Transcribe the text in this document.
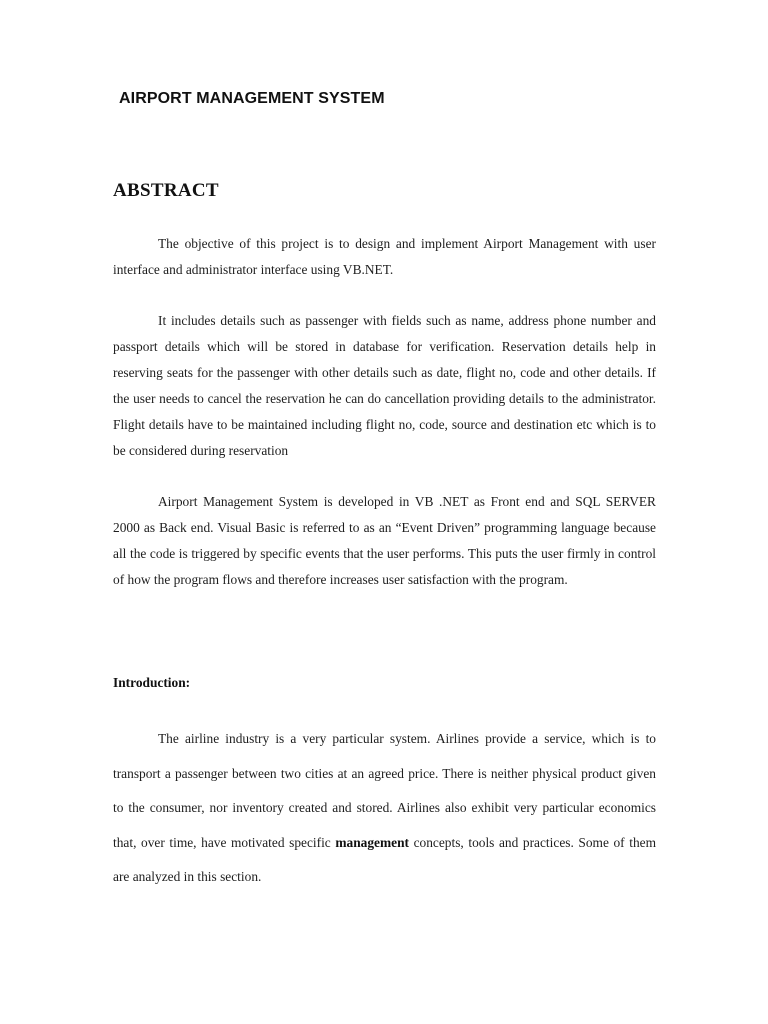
AIRPORT MANAGEMENT SYSTEM
ABSTRACT

The objective of this project is to design and implement Airport Management with user interface and administrator interface using VB.NET.

It includes details such as passenger with fields such as name, address phone number and passport details which will be stored in database for verification. Reservation details help in reserving seats for the passenger with other details such as date, flight no, code and other details. If the user needs to cancel the reservation he can do cancellation providing details to the administrator. Flight details have to be maintained including flight no, code, source and destination etc which is to be considered during reservation

Airport Management System is developed in VB .NET as Front end and SQL SERVER 2000 as Back end. Visual Basic is referred to as an “Event Driven” programming language because all the code is triggered by specific events that the user performs. This puts the user firmly in control of how the program flows and therefore increases user satisfaction with the program.

Introduction:

The airline industry is a very particular system. Airlines provide a service, which is to transport a passenger between two cities at an agreed price. There is neither physical product given to the consumer, nor inventory created and stored. Airlines also exhibit very particular economics that, over time, have motivated specific management concepts, tools and practices. Some of them are analyzed in this section.
